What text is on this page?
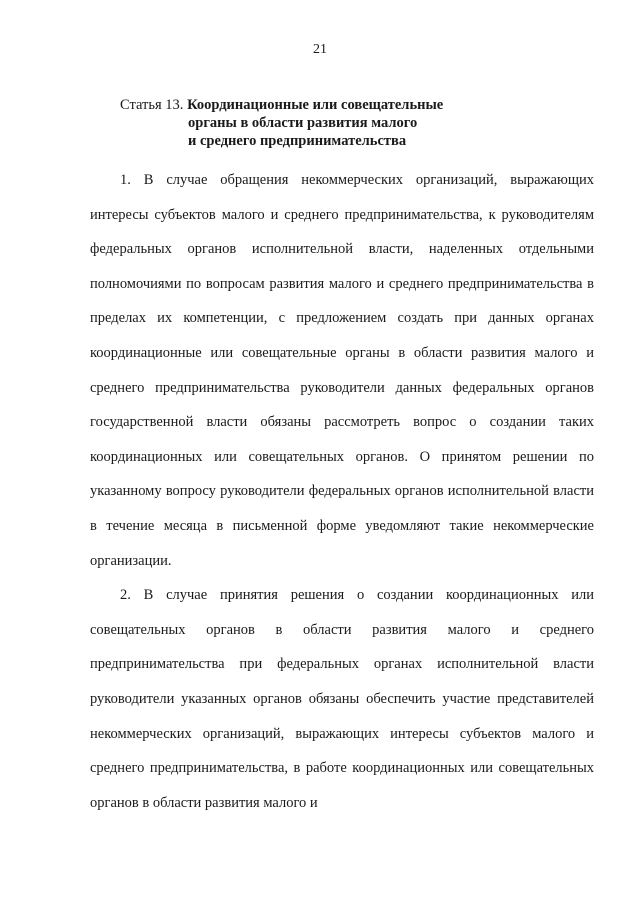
21
Статья 13. Координационные или совещательные
органы в области развития малого
и среднего предпринимательства

1. В случае обращения некоммерческих организаций, выражающих интересы субъектов малого и среднего предпринимательства, к руководителям федеральных органов исполнительной власти, наделенных отдельными полномочиями по вопросам развития малого и среднего предпринимательства в пределах их компетенции, с предложением создать при данных органах координационные или совещательные органы в области развития малого и среднего предпринимательства руководители данных федеральных органов государственной власти обязаны рассмотреть вопрос о создании таких координационных или совещательных органов. О принятом решении по указанному вопросу руководители федеральных органов исполнительной власти в течение месяца в письменной форме уведомляют такие некоммерческие организации.

2. В случае принятия решения о создании координационных или совещательных органов в области развития малого и среднего предпринимательства при федеральных органах исполнительной власти руководители указанных органов обязаны обеспечить участие представителей некоммерческих организаций, выражающих интересы субъектов малого и среднего предпринимательства, в работе координационных или совещательных органов в области развития малого и
